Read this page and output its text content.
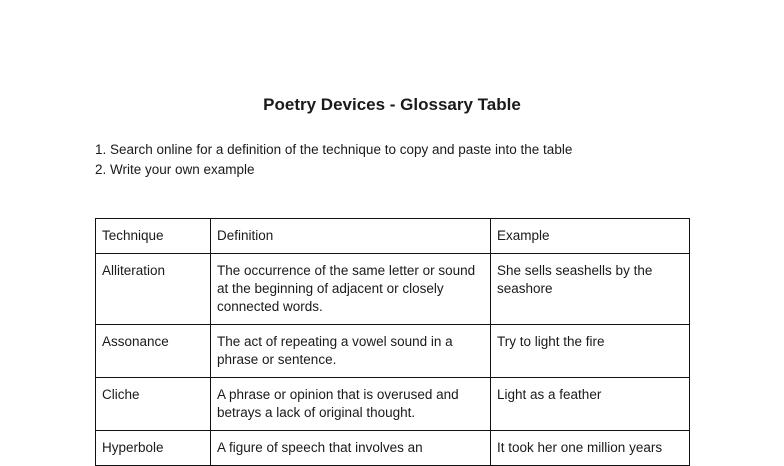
Poetry Devices - Glossary Table
1. Search online for a definition of the technique to copy and paste into the table
2. Write your own example
Technique	Definition	Example
Alliteration	The occurrence of the same letter or sound at the beginning of adjacent or closely connected words.	She sells seashells by the seashore
Assonance	The act of repeating a vowel sound in a phrase or sentence.	Try to light the fire
Cliche	A phrase or opinion that is overused and betrays a lack of original thought.	Light as a feather
Hyperbole	A figure of speech that involves an	It took her one million years
